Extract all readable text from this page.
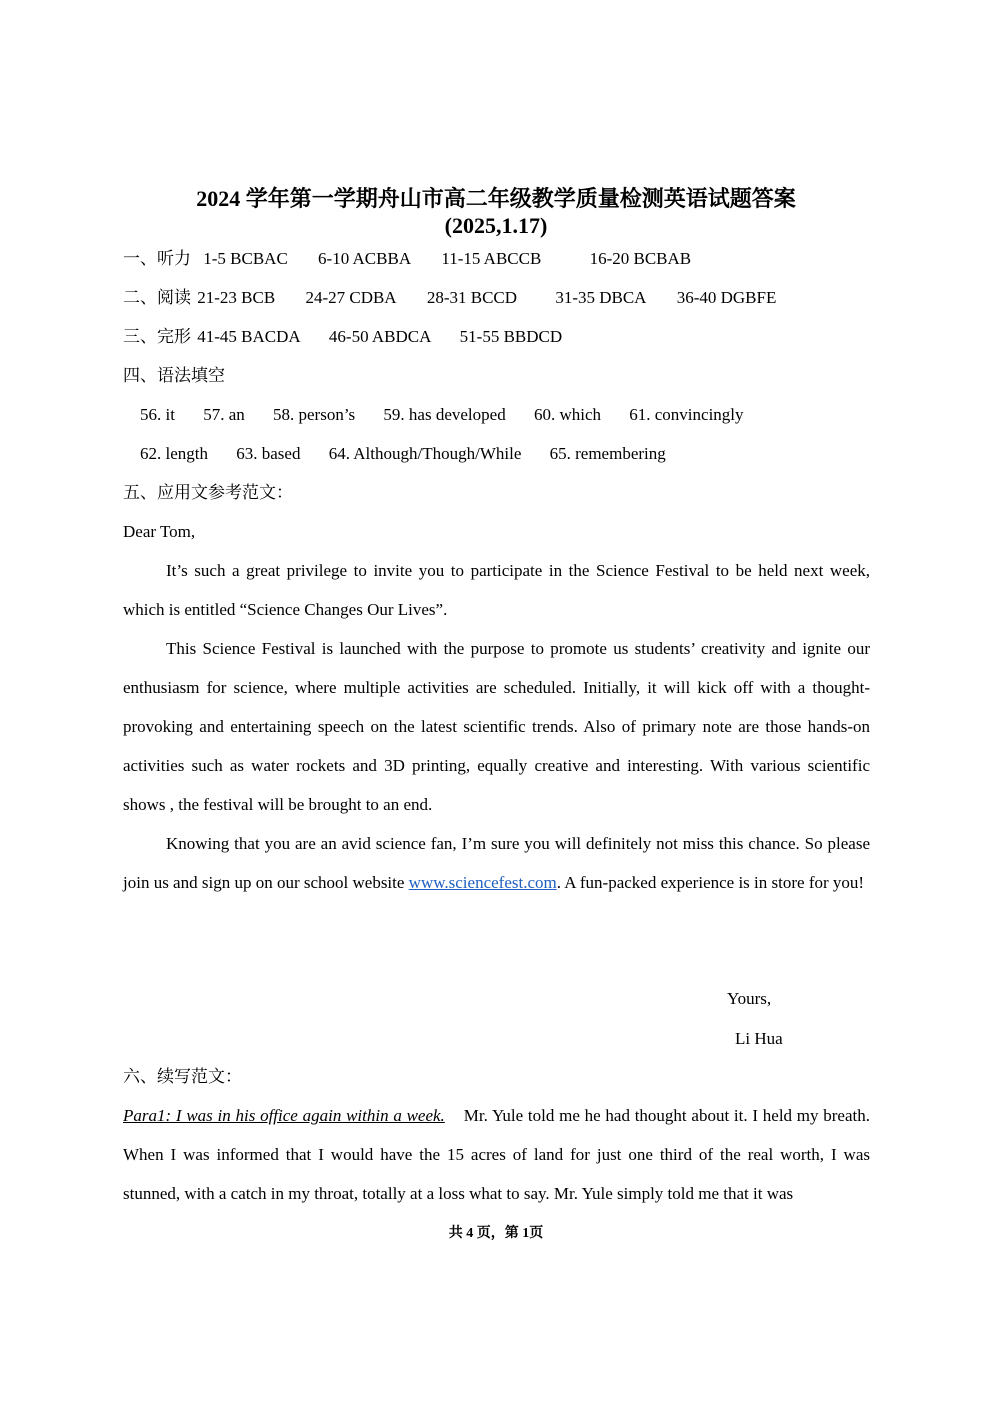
2024 学年第一学期舟山市高二年级教学质量检测英语试题答案
(2025,1.17)
一、听力 1-5 BCBAC 6-10 ACBBA 11-15 ABCCB	16-20 BCBAB
二、阅读 21-23 BCB 24-27 CDBA 28-31 BCCD 31-35 DBCA 36-40 DGBFE
三、完形 41-45 BACDA 46-50 ABDCA 51-55 BBDCD
四、语法填空
56. it 57. an 58. person’s 59. has developed 60. which 61. convincingly
62. length 63. based 64. Although/Though/While 65. remembering
五、应用文参考范文：
Dear Tom,
It’s such a great privilege to invite you to participate in the Science Festival to be held next week, which is entitled “Science Changes Our Lives”.
This Science Festival is launched with the purpose to promote us students’ creativity and ignite our enthusiasm for science, where multiple activities are scheduled. Initially, it will kick off with a thought-provoking and entertaining speech on the latest scientific trends. Also of primary note are those hands-on activities such as water rockets and 3D printing, equally creative and interesting. With various scientific shows , the festival will be brought to an end.
Knowing that you are an avid science fan, I’m sure you will definitely not miss this chance. So please join us and sign up on our school website www.sciencefest.com. A fun-packed experience is in store for you!
Yours,
Li Hua
六、续写范文：
Para1: I was in his office again within a week. Mr. Yule told me he had thought about it. I held my breath. When I was informed that I would have the 15 acres of land for just one third of the real worth, I was stunned, with a catch in my throat, totally at a loss what to say. Mr. Yule simply told me that it was
共 4 页，第 1页
